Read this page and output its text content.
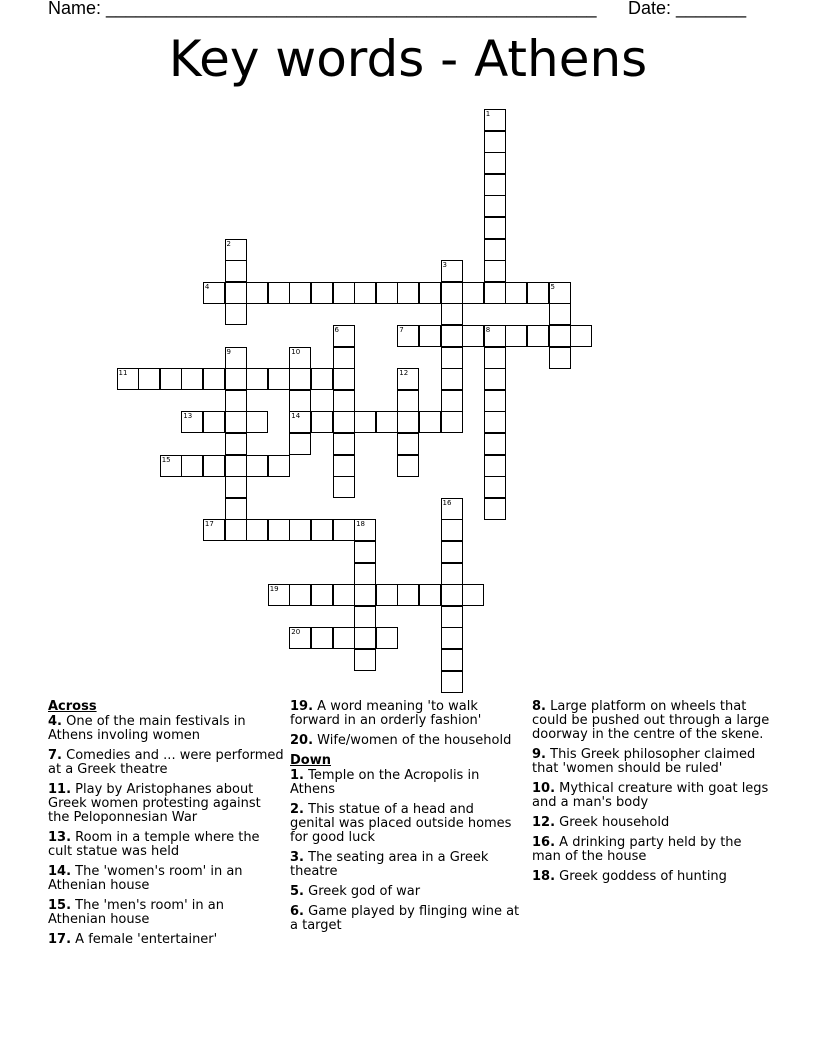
Name: _________________________________________________ Date: _______
Key words - Athens
1
2
3
4	5
6	7	8
9	10
14
11	12
13
15
16
17	18
19
20
Across
4. One of the main festivals in Athens involing women
7. Comedies and ... were performed at a Greek theatre
11. Play by Aristophanes about Greek women protesting against the Peloponnesian War
13. Room in a temple where the cult statue was held
14. The 'women's room' in an Athenian house
15. The 'men's room' in an Athenian house
17. A female 'entertainer'
19. A word meaning 'to walk forward in an orderly fashion'
20. Wife/women of the household
Down
1. Temple on the Acropolis in Athens
2. This statue of a head and genital was placed outside homes for good luck
3. The seating area in a Greek theatre
5. Greek god of war
6. Game played by flinging wine at a target
8. Large platform on wheels that could be pushed out through a large doorway in the centre of the skene.
9. This Greek philosopher claimed that 'women should be ruled'
10. Mythical creature with goat legs and a man's body
12. Greek household
16. A drinking party held by the man of the house
18. Greek goddess of hunting
